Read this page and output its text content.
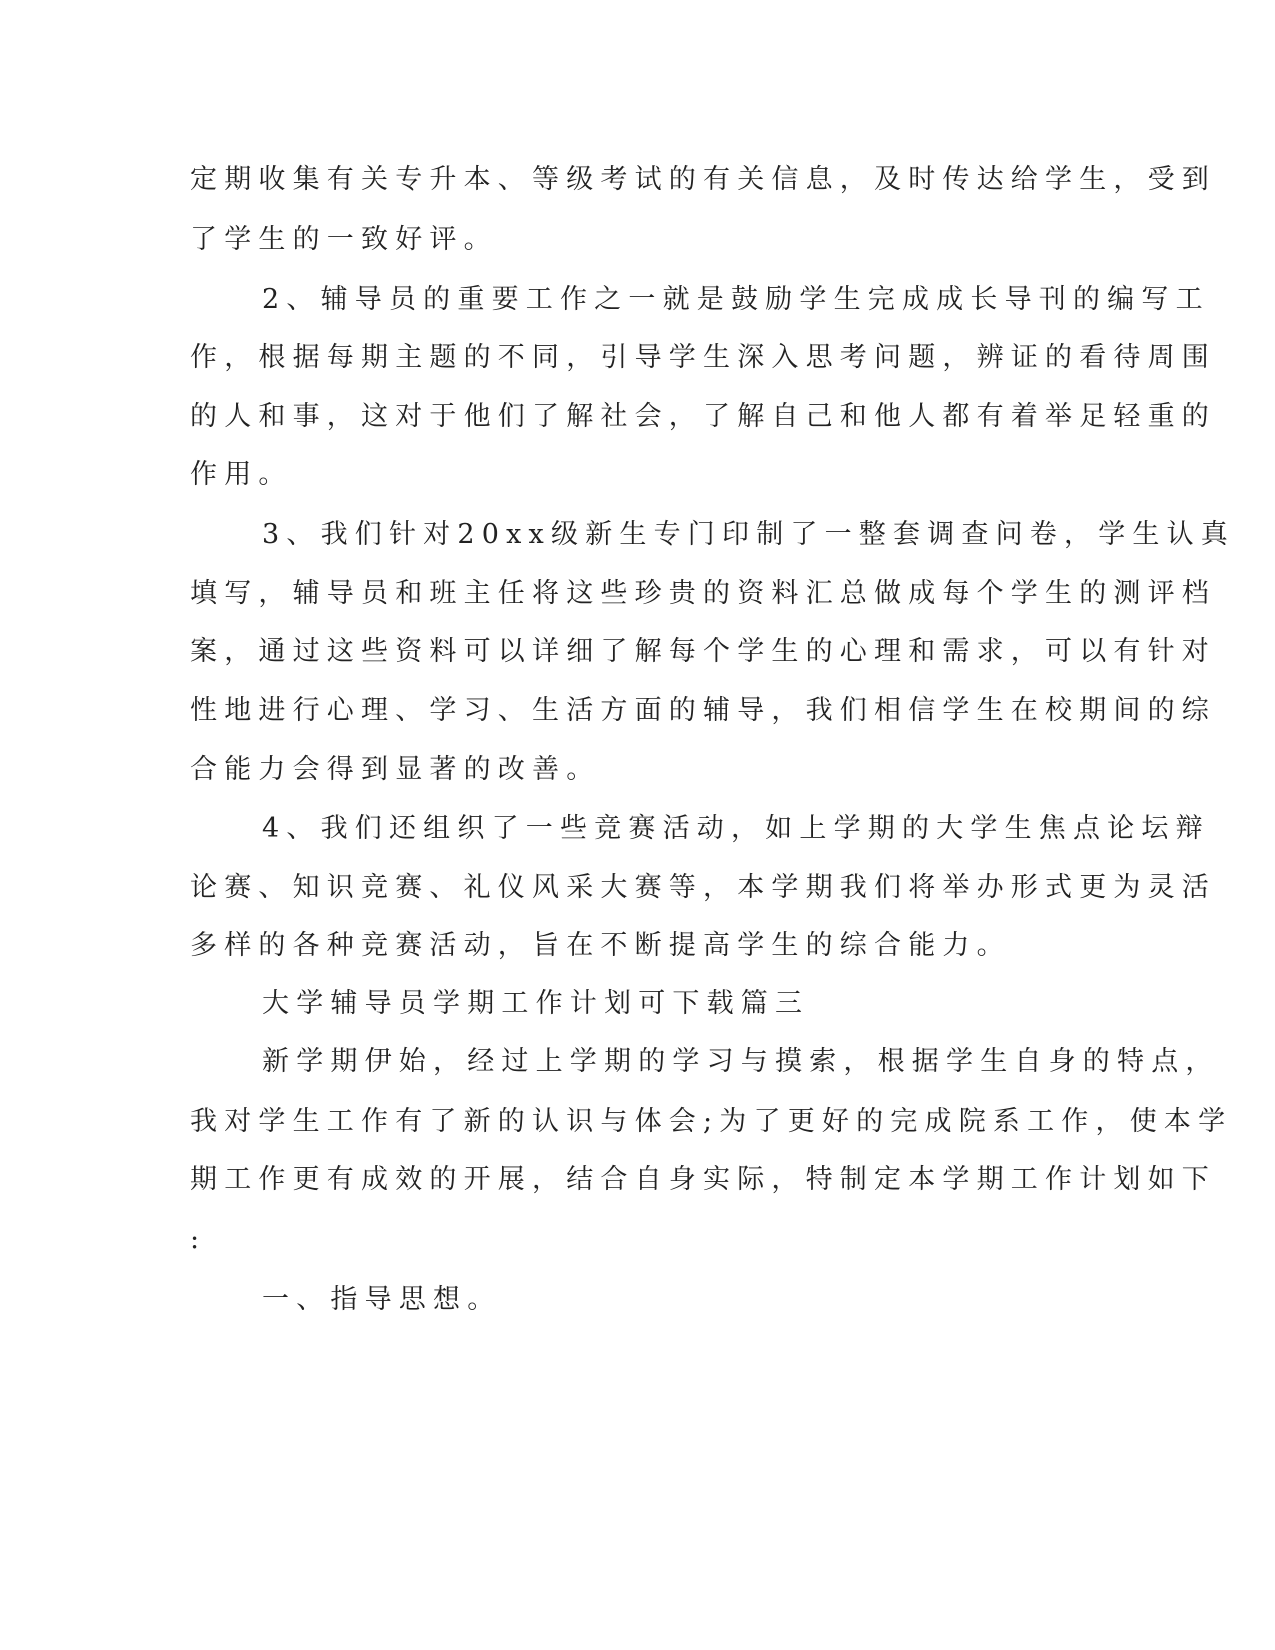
定期收集有关专升本、等级考试的有关信息，及时传达给学生，受到
了学生的一致好评。
2、辅导员的重要工作之一就是鼓励学生完成成长导刊的编写工
作，根据每期主题的不同，引导学生深入思考问题，辨证的看待周围
的人和事，这对于他们了解社会，了解自己和他人都有着举足轻重的
作用。
3、我们针对20xx级新生专门印制了一整套调查问卷，学生认真
填写，辅导员和班主任将这些珍贵的资料汇总做成每个学生的测评档
案，通过这些资料可以详细了解每个学生的心理和需求，可以有针对
性地进行心理、学习、生活方面的辅导，我们相信学生在校期间的综
合能力会得到显著的改善。
4、我们还组织了一些竞赛活动，如上学期的大学生焦点论坛辩
论赛、知识竞赛、礼仪风采大赛等，本学期我们将举办形式更为灵活
多样的各种竞赛活动，旨在不断提高学生的综合能力。
大学辅导员学期工作计划可下载篇三
新学期伊始，经过上学期的学习与摸索，根据学生自身的特点，
我对学生工作有了新的认识与体会;为了更好的完成院系工作，使本学
期工作更有成效的开展，结合自身实际，特制定本学期工作计划如下
:
一、指导思想。
